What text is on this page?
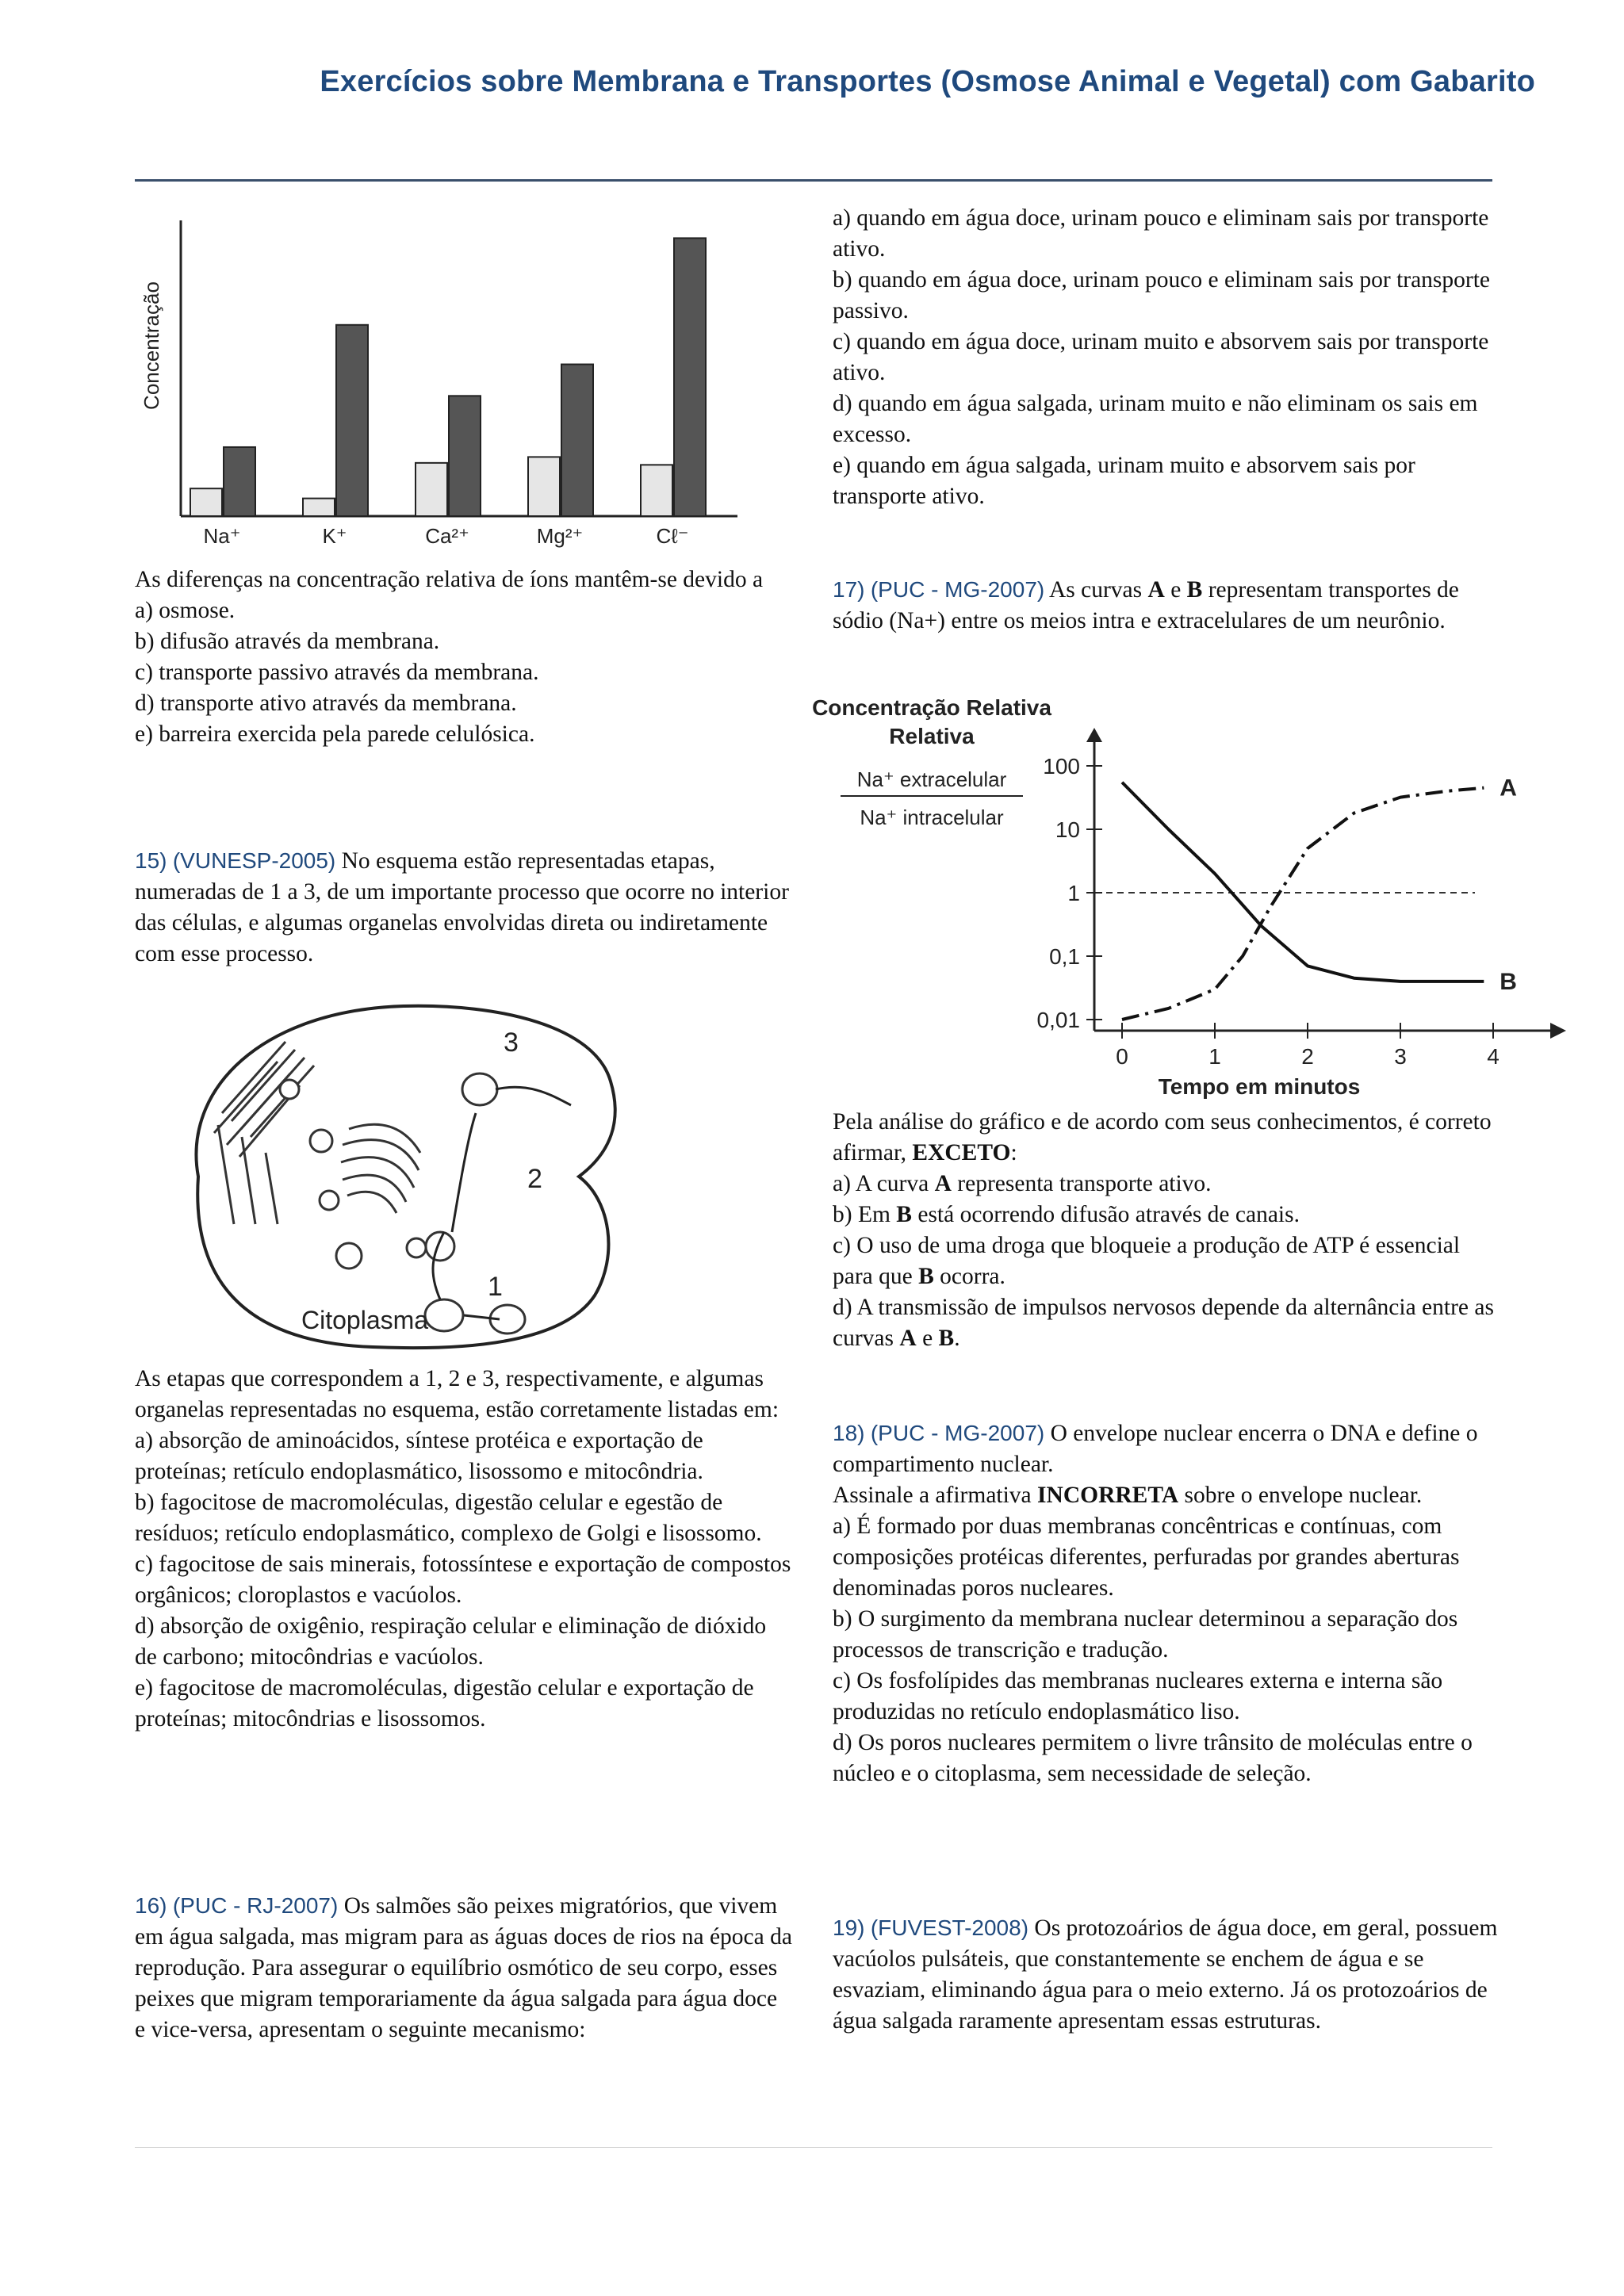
Exercícios sobre Membrana e Transportes (Osmose Animal e Vegetal) com Gabarito
Concentração
Na⁺	K⁺	Ca²⁺	Mg²⁺	Cℓ⁻

As diferenças na concentração relativa de íons mantêm-se devido a

a) osmose.

b) difusão através da membrana.

c) transporte passivo através da membrana.

d) transporte ativo através da membrana.

e) barreira exercida pela parede celulósica.

15) (VUNESP-2005) No esquema estão representadas etapas, numeradas de 1 a 3, de um importante processo que ocorre no interior das células, e algumas organelas envolvidas direta ou indiretamente com esse processo.

3
2
1
Citoplasma

As etapas que correspondem a 1, 2 e 3, respectivamente, e algumas organelas representadas no esquema, estão corretamente listadas em:

a) absorção de aminoácidos, síntese protéica e exportação de proteínas; retículo endoplasmático, lisossomo e mitocôndria.

b) fagocitose de macromoléculas, digestão celular e egestão de resíduos; retículo endoplasmático, complexo de Golgi e lisossomo.

c) fagocitose de sais minerais, fotossíntese e exportação de compostos orgânicos; cloroplastos e vacúolos.

d) absorção de oxigênio, respiração celular e eliminação de dióxido de carbono; mitocôndrias e vacúolos.

e) fagocitose de macromoléculas, digestão celular e exportação de proteínas; mitocôndrias e lisossomos.

16) (PUC - RJ-2007) Os salmões são peixes migratórios, que vivem em água salgada, mas migram para as águas doces de rios na época da reprodução. Para assegurar o equilíbrio osmótico de seu corpo, esses peixes que migram temporariamente da água salgada para água doce e vice-versa, apresentam o seguinte mecanismo:

a) quando em água doce, urinam pouco e eliminam sais por transporte ativo.

b) quando em água doce, urinam pouco e eliminam sais por transporte passivo.

c) quando em água doce, urinam muito e absorvem sais por transporte ativo.

d) quando em água salgada, urinam muito e não eliminam os sais em excesso.

e) quando em água salgada, urinam muito e absorvem sais por transporte ativo.

17) (PUC - MG-2007) As curvas A e B representam transportes de sódio (Na+) entre os meios intra e extracelulares de um neurônio.

Concentração Relativa
Relativa
Na⁺ extracelular
Na⁺ intracelular
100
10
1
0,1
0,01
0	1	2	3	4
A
B
Tempo em minutos

Pela análise do gráfico e de acordo com seus conhecimentos, é correto afirmar, EXCETO:

a) A curva A representa transporte ativo.

b) Em B está ocorrendo difusão através de canais.

c) O uso de uma droga que bloqueie a produção de ATP é essencial para que B ocorra.

d) A transmissão de impulsos nervosos depende da alternância entre as curvas A e B.

18) (PUC - MG-2007) O envelope nuclear encerra o DNA e define o compartimento nuclear.

Assinale a afirmativa INCORRETA sobre o envelope nuclear.

a) É formado por duas membranas concêntricas e contínuas, com composições protéicas diferentes, perfuradas por grandes aberturas denominadas poros nucleares.

b) O surgimento da membrana nuclear determinou a separação dos processos de transcrição e tradução.

c) Os fosfolípides das membranas nucleares externa e interna são produzidas no retículo endoplasmático liso.

d) Os poros nucleares permitem o livre trânsito de moléculas entre o núcleo e o citoplasma, sem necessidade de seleção.

19) (FUVEST-2008) Os protozoários de água doce, em geral, possuem vacúolos pulsáteis, que constantemente se enchem de água e se esvaziam, eliminando água para o meio externo. Já os protozoários de água salgada raramente apresentam essas estruturas.
